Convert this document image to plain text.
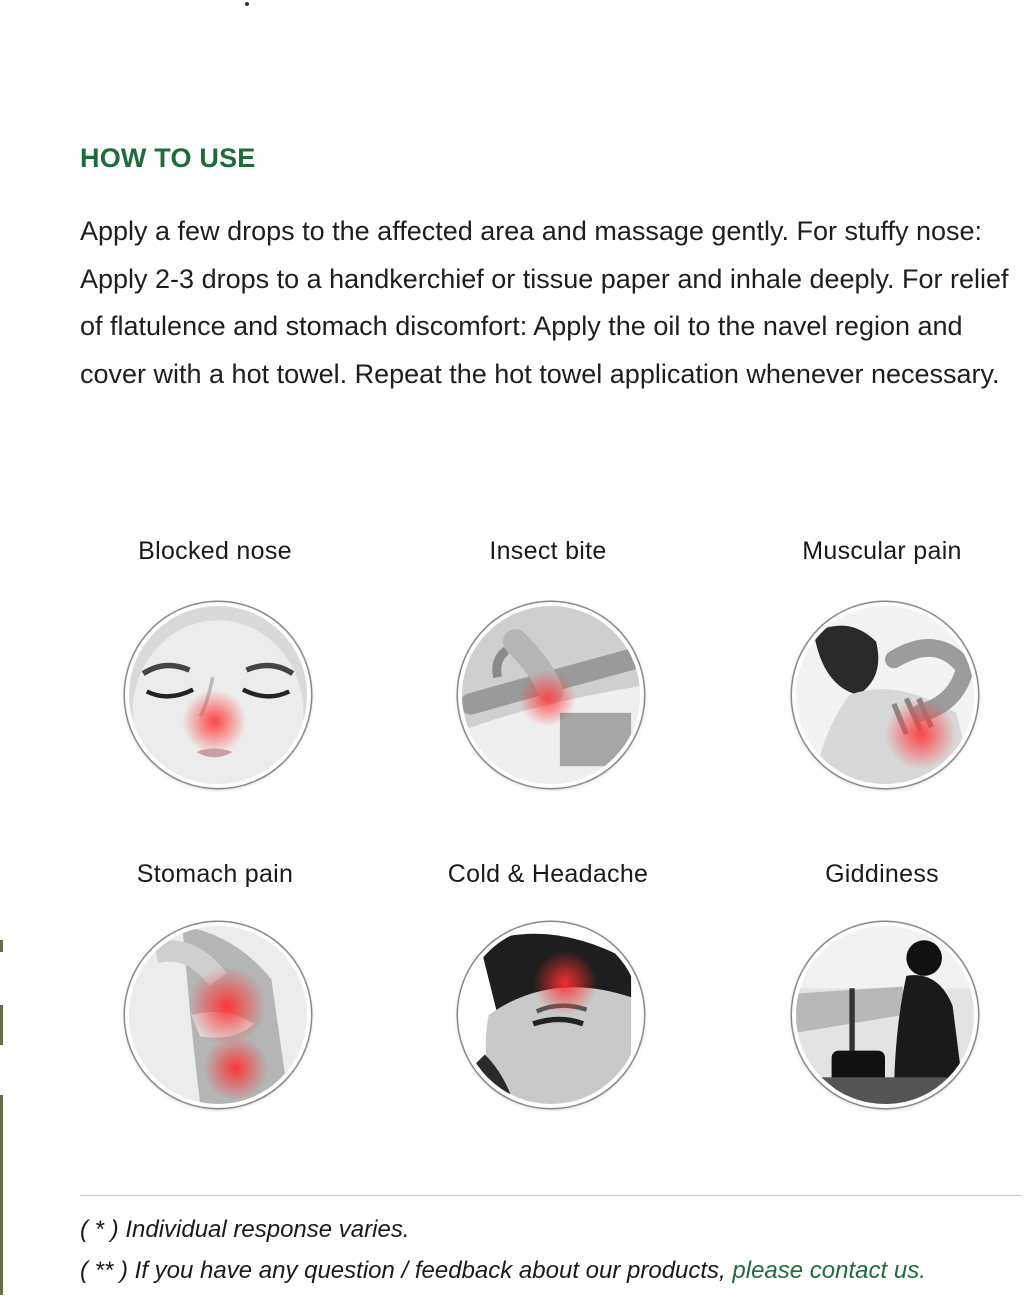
HOW TO USE

Apply a few drops to the affected area and massage gently. For stuffy nose: Apply 2-3 drops to a handkerchief or tissue paper and inhale deeply. For relief of flatulence and stomach discomfort: Apply the oil to the navel region and cover with a hot towel. Repeat the hot towel application whenever necessary.

Blocked nose	Insect bite	Muscular pain
Stomach pain	Cold & Headache	Giddiness

( * ) Individual response varies.

( ** ) If you have any question / feedback about our products, please contact us.
